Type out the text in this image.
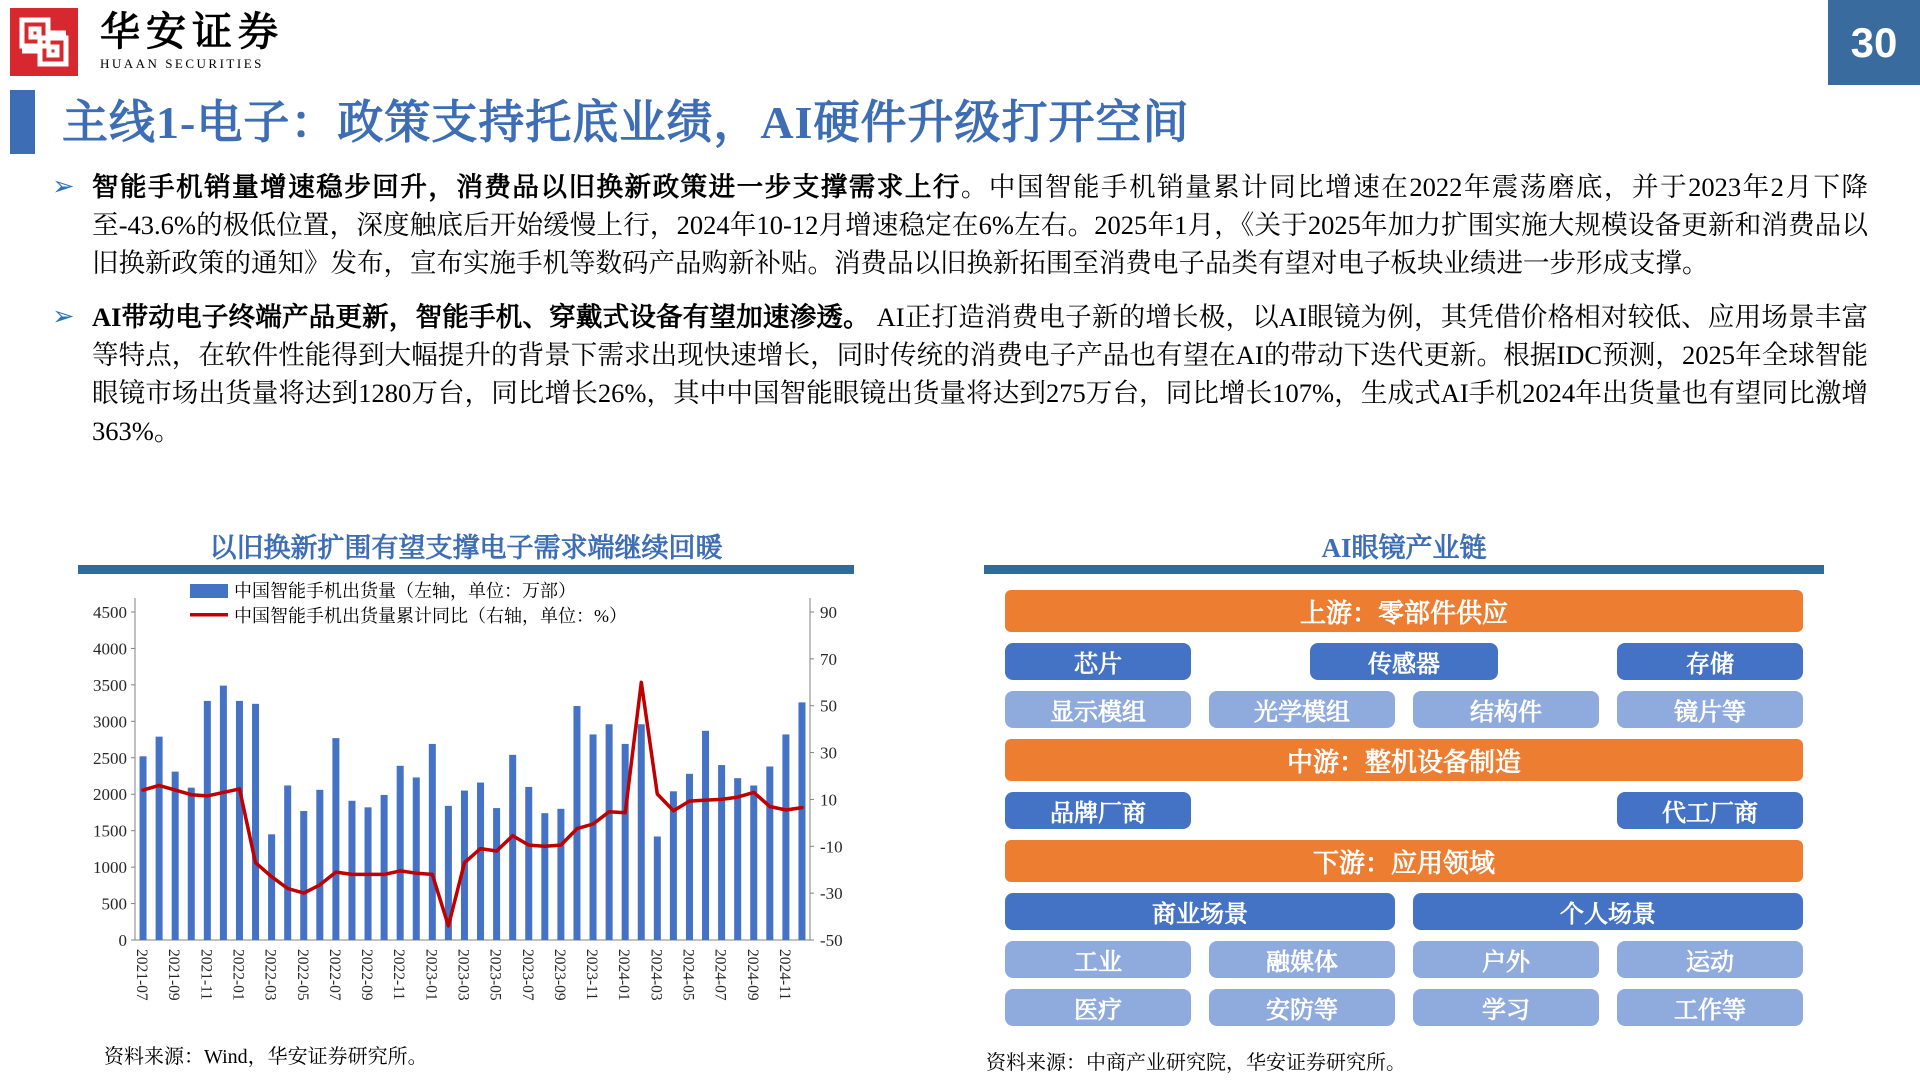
华安证券
HUAAN SECURITIES	30
主线1-电子：政策支持托底业绩，AI硬件升级打开空间
➢ 智能手机销量增速稳步回升，消费品以旧换新政策进一步支撑需求上行。中国智能手机销量累计同比增速在2022年震荡磨底，并于2023年2月下降至-43.6%的极低位置，深度触底后开始缓慢上行，2024年10-12月增速稳定在6%左右。2025年1月，《关于2025年加力扩围实施大规模设备更新和消费品以旧换新政策的通知》发布，宣布实施手机等数码产品购新补贴。消费品以旧换新拓围至消费电子品类有望对电子板块业绩进一步形成支撑。

➢ AI带动电子终端产品更新，智能手机、穿戴式设备有望加速渗透。 AI正打造消费电子新的增长极，以AI眼镜为例，其凭借价格相对较低、应用场景丰富等特点，在软件性能得到大幅提升的背景下需求出现快速增长，同时传统的消费电子产品也有望在AI的带动下迭代更新。根据IDC预测，2025年全球智能眼镜市场出货量将达到1280万台，同比增长26%，其中中国智能眼镜出货量将达到275万台，同比增长107%，生成式AI手机2024年出货量也有望同比激增363%。

以旧换新扩围有望支撑电子需求端继续回暖
0
500
1000
1500
2000
2500
3000
3500
4000
4500
-50
-30
-10
10
30
50
70
90
2021-07 2021-09 2021-11 2022-01 2022-03 2022-05 2022-07 2022-09 2022-11 2023-01 2023-03 2023-05 2023-07 2023-09 2023-11 2024-01 2024-03 2024-05 2024-07 2024-09 2024-11
中国智能手机出货量（左轴，单位：万部）
中国智能手机出货量累计同比（右轴，单位：%）
AI眼镜产业链
上游：零部件供应
芯片	传感器	存储
显示模组	光学模组	结构件	镜片等
中游：整机设备制造
品牌厂商	代工厂商
下游：应用领域
商业场景	个人场景
工业	融媒体	户外	运动
医疗	安防等	学习	工作等
资料来源：Wind，华安证券研究所。	资料来源：中商产业研究院，华安证券研究所。
